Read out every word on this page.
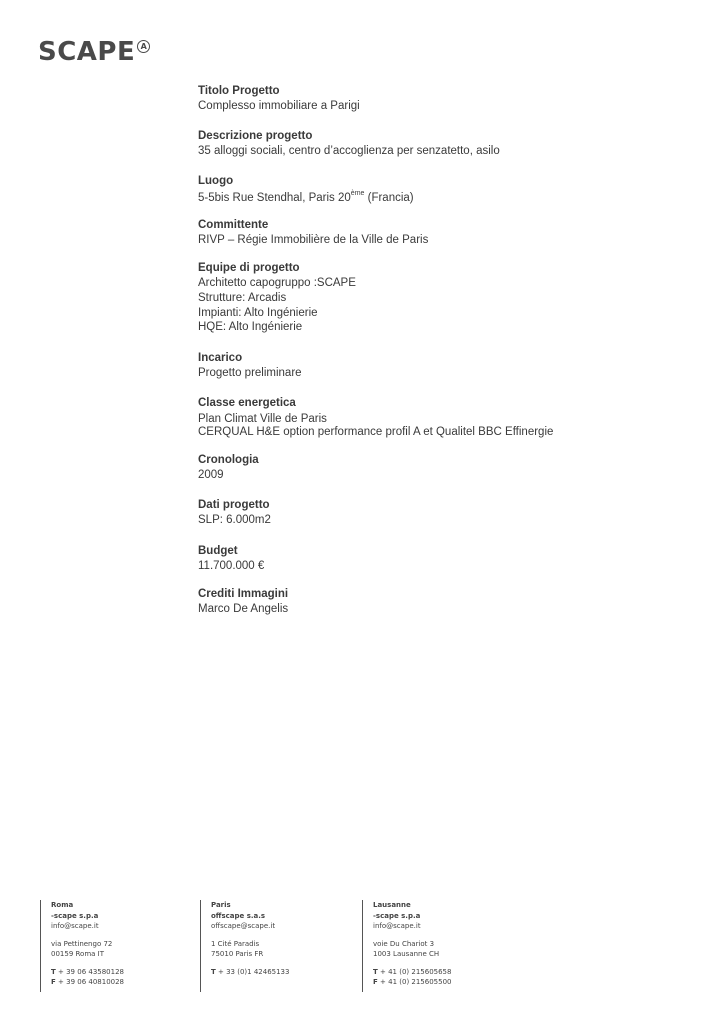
SCAPE A
Titolo Progetto
Complesso immobiliare a Parigi
Descrizione progetto
35 alloggi sociali, centro d’accoglienza per senzatetto, asilo
Luogo
5-5bis Rue Stendhal, Paris 20ème (Francia)
Committente
RIVP – Régie Immobilière de la Ville de Paris
Equipe di progetto
Architetto capogruppo :SCAPE
Strutture: Arcadis
Impianti: Alto Ingénierie
HQE: Alto Ingénierie
Incarico
Progetto preliminare
Classe energetica
Plan Climat Ville de Paris
CERQUAL H&E option performance profil A et Qualitel BBC Effinergie
Cronologia
2009
Dati progetto
SLP: 6.000m2
Budget
11.700.000 €
Crediti Immagini
Marco De Angelis
Roma
-scape s.p.a
info@scape.it
via Pettinengo 72
00159 Roma IT
T + 39 06 43580128
F + 39 06 40810028
Paris
offscape s.a.s
offscape@scape.it
1 Cité Paradis
75010 Paris FR
T + 33 (0)1 42465133
Lausanne
-scape s.p.a
info@scape.it
voie Du Chariot 3
1003 Lausanne CH
T + 41 (0) 215605658
F + 41 (0) 215605500
